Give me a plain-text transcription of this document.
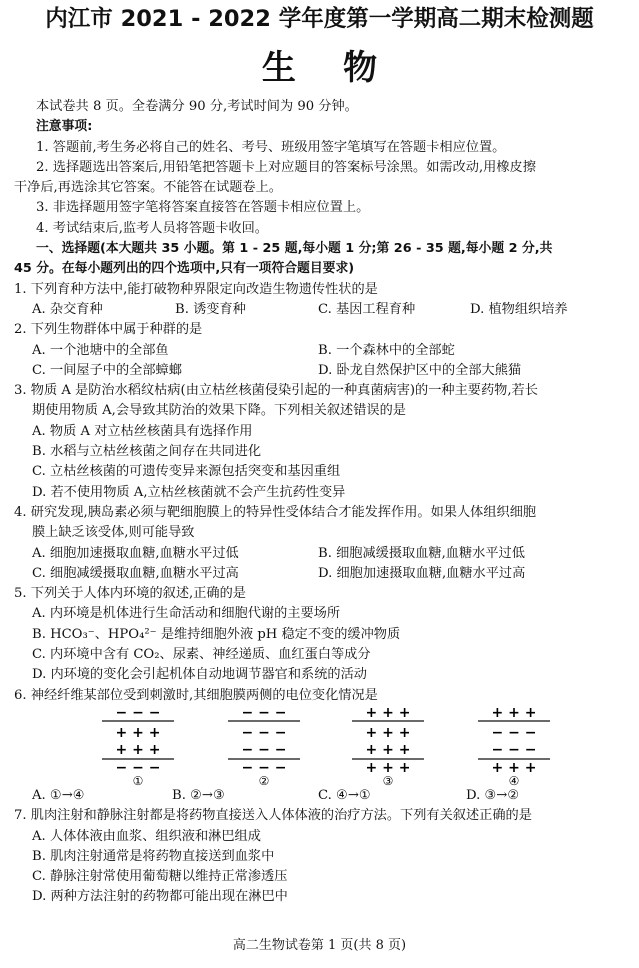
内江市 2021 - 2022 学年度第一学期高二期末检测题
生    物
本试卷共 8 页。全卷满分 90 分,考试时间为 90 分钟。
注意事项:
1. 答题前,考生务必将自己的姓名、考号、班级用签字笔填写在答题卡相应位置。
2. 选择题选出答案后,用铅笔把答题卡上对应题目的答案标号涂黑。如需改动,用橡皮擦
干净后,再选涂其它答案。不能答在试题卷上。
3. 非选择题用签字笔将答案直接答在答题卡相应位置上。
4. 考试结束后,监考人员将答题卡收回。
一、选择题(本大题共 35 小题。第 1 - 25 题,每小题 1 分;第 26 - 35 题,每小题 2 分,共
45 分。在每小题列出的四个选项中,只有一项符合题目要求)
1. 下列育种方法中,能打破物种界限定向改造生物遗传性状的是
A. 杂交育种	B. 诱变育种	C. 基因工程育种	D. 植物组织培养
2. 下列生物群体中属于种群的是
A. 一个池塘中的全部鱼	B. 一个森林中的全部蛇
C. 一间屋子中的全部蟑螂	D. 卧龙自然保护区中的全部大熊猫
3. 物质 A 是防治水稻纹枯病(由立枯丝核菌侵染引起的一种真菌病害)的一种主要药物,若长
期使用物质 A,会导致其防治的效果下降。下列相关叙述错误的是
A. 物质 A 对立枯丝核菌具有选择作用
B. 水稻与立枯丝核菌之间存在共同进化
C. 立枯丝核菌的可遗传变异来源包括突变和基因重组
D. 若不使用物质 A,立枯丝核菌就不会产生抗药性变异
4. 研究发现,胰岛素必须与靶细胞膜上的特异性受体结合才能发挥作用。如果人体组织细胞
膜上缺乏该受体,则可能导致
A. 细胞加速摄取血糖,血糖水平过低	B. 细胞减缓摄取血糖,血糖水平过低
C. 细胞减缓摄取血糖,血糖水平过高	D. 细胞加速摄取血糖,血糖水平过高
5. 下列关于人体内环境的叙述,正确的是
A. 内环境是机体进行生命活动和细胞代谢的主要场所
B. HCO₃⁻、HPO₄²⁻ 是维持细胞外液 pH 稳定不变的缓冲物质
C. 内环境中含有 CO₂、尿素、神经递质、血红蛋白等成分
D. 内环境的变化会引起机体自动地调节器官和系统的活动
6. 神经纤维某部位受到刺激时,其细胞膜两侧的电位变化情况是
− − −
+ + +
+ + +
− − −
①
− − −
− − −
− − −
− − −
②
+ + +
+ + +
+ + +
+ + +
③
+ + +
− − −
− − −
+ + +
④
A. ①→④	B. ②→③	C. ④→①	D. ③→②
7. 肌肉注射和静脉注射都是将药物直接送入人体体液的治疗方法。下列有关叙述正确的是
A. 人体体液由血浆、组织液和淋巴组成
B. 肌肉注射通常是将药物直接送到血浆中
C. 静脉注射常使用葡萄糖以维持正常渗透压
D. 两种方法注射的药物都可能出现在淋巴中
高二生物试卷第 1 页(共 8 页)
